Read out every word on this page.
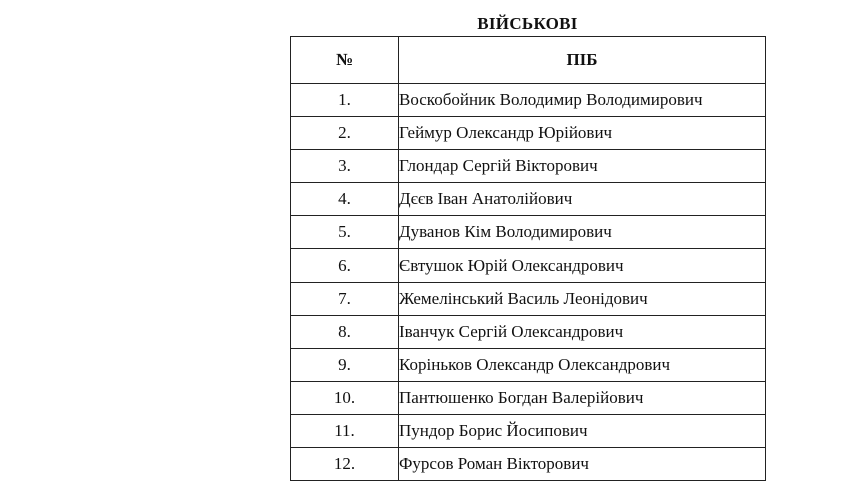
ВІЙСЬКОВІ
№	ПІБ
1.	Воскобойник Володимир Володимирович
2.	Геймур Олександр Юрійович
3.	Глондар Сергій Вікторович
4.	Дєєв Іван Анатолійович
5.	Дуванов Кім Володимирович
6.	Євтушок Юрій Олександрович
7.	Жемелінський Василь Леонідович
8.	Іванчук Сергій Олександрович
9.	Коріньков Олександр Олександрович
10.	Пантюшенко Богдан Валерійович
11.	Пундор Борис Йосипович
12.	Фурсов Роман Вікторович
